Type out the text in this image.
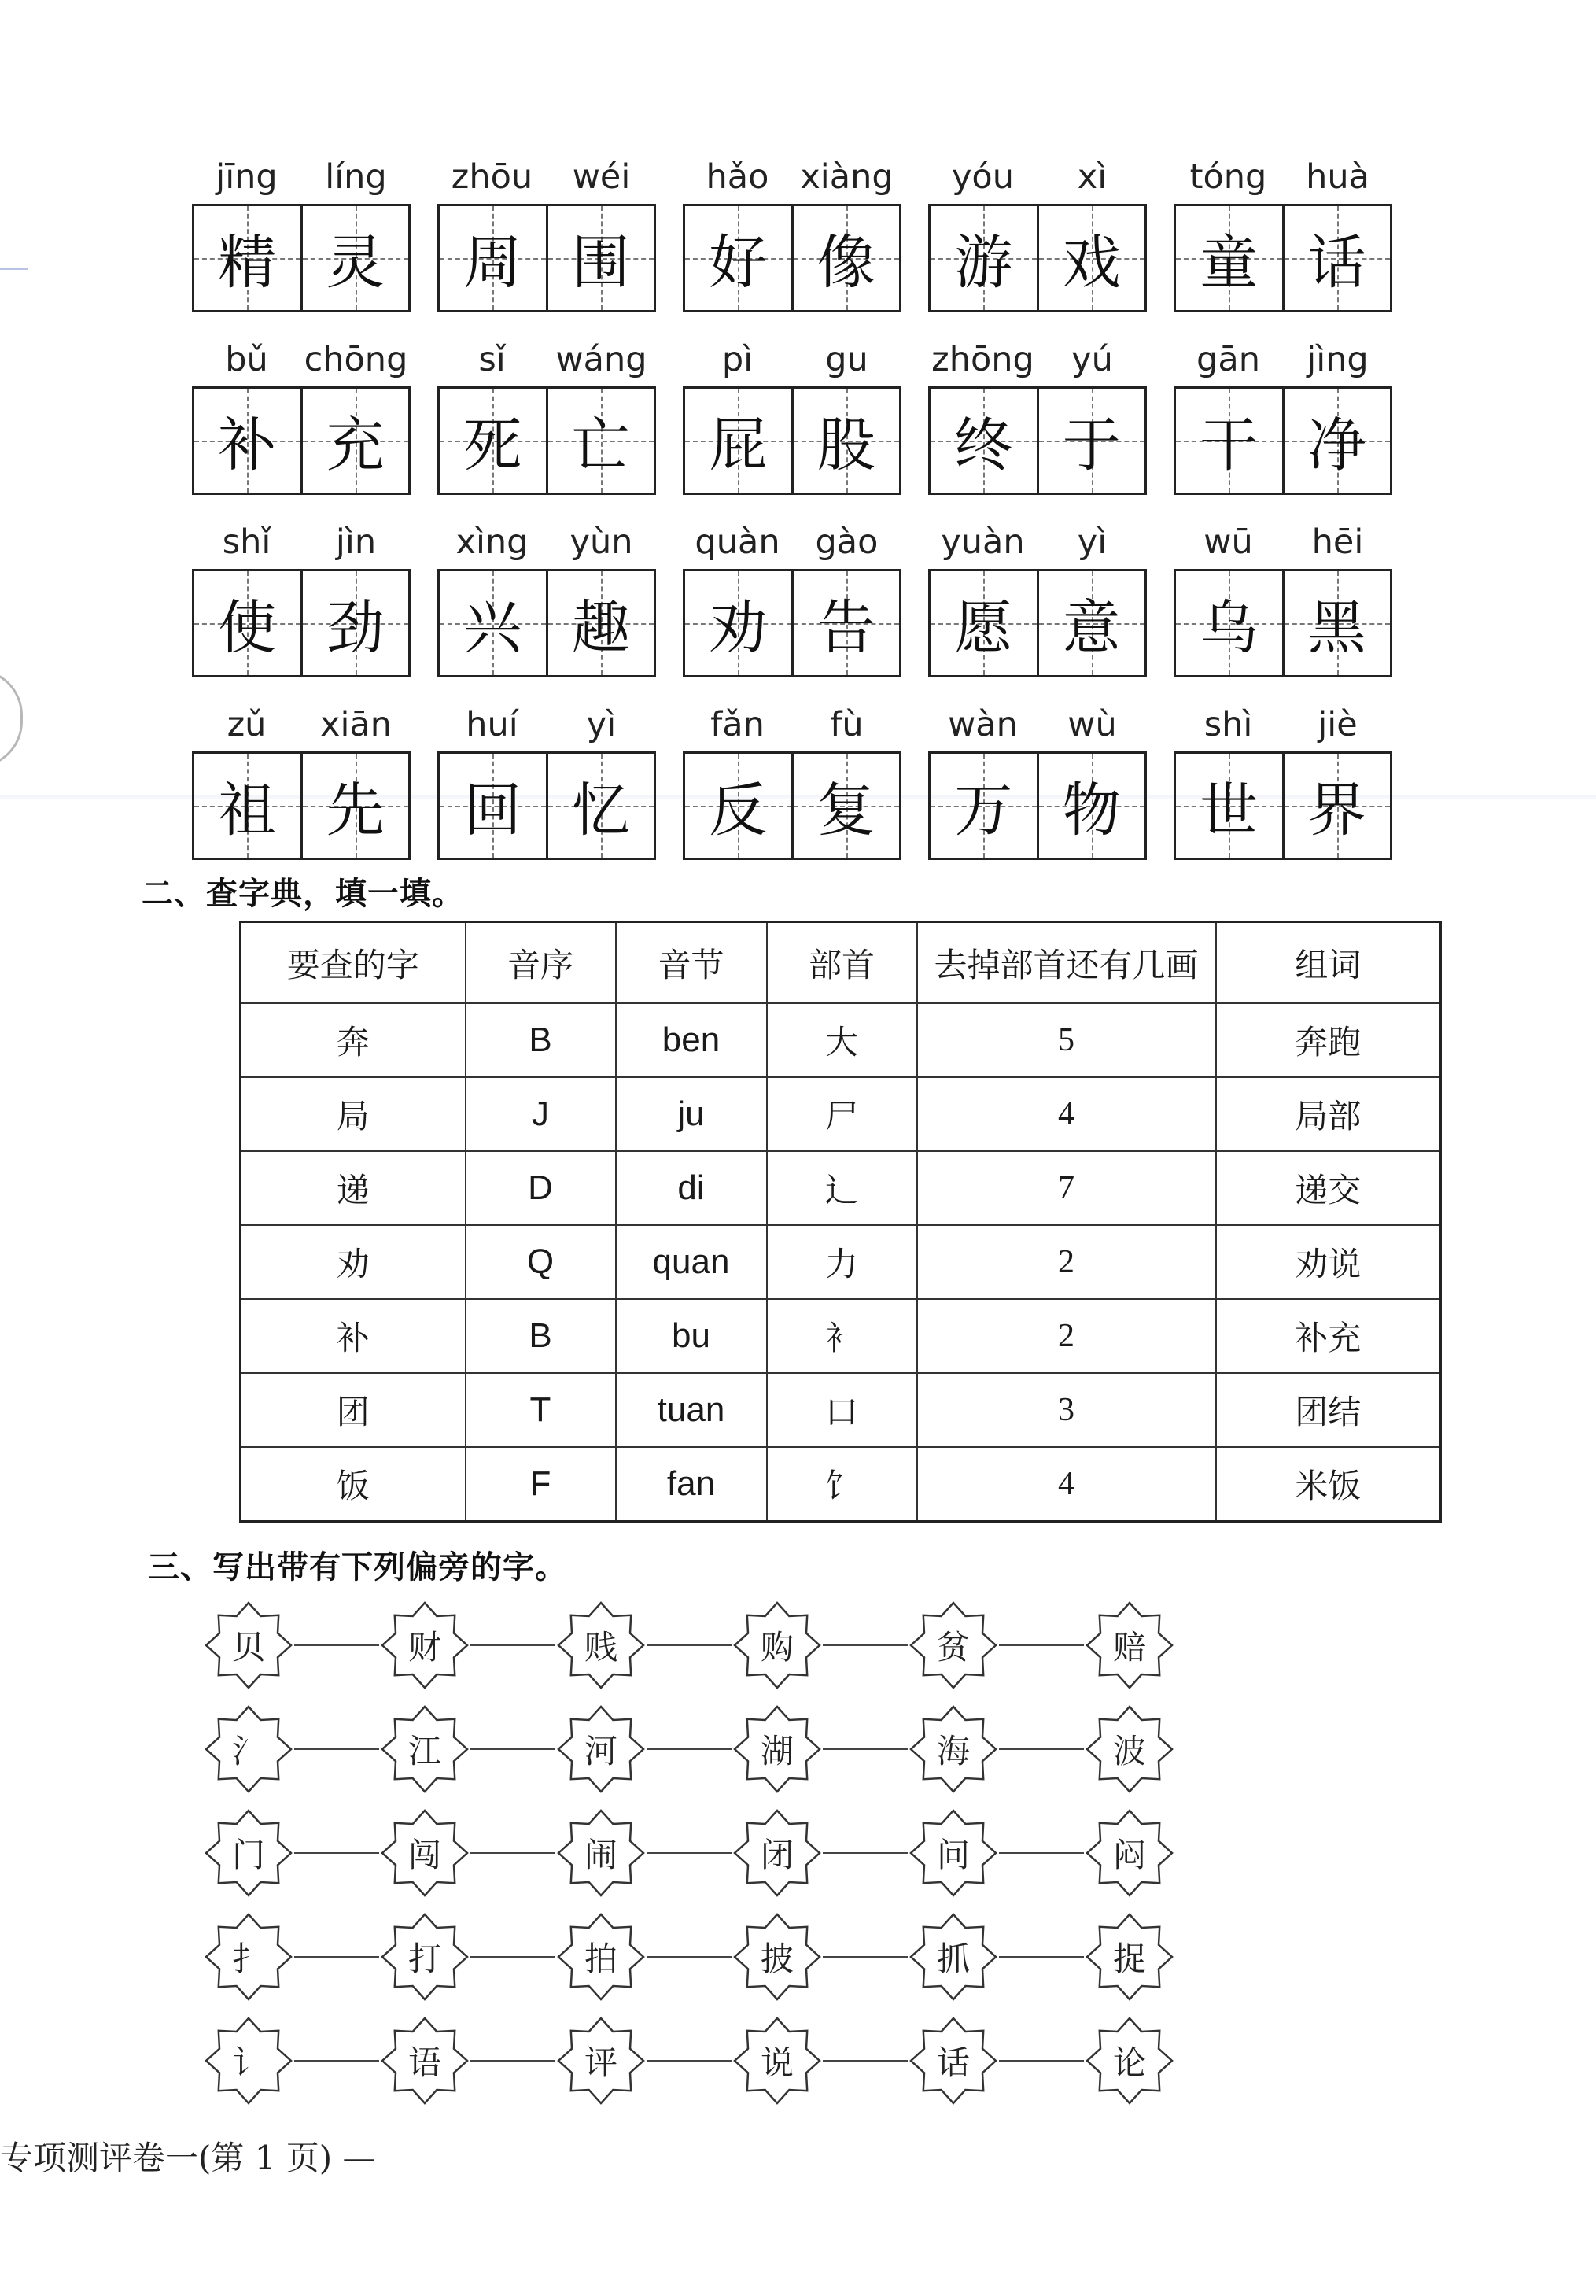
jīng	líng
精 灵
zhōu	wéi
周 围
hǎo xiàng
好 像
yóu	xì
游 戏
tóng	huà
童 话
bǔ	chōng
补 充
sǐ	wáng
死 亡
pì	gu
屁 股
zhōng	yú
终 于
gān	jìng
干 净
shǐ	jìn
使 劲
xìng	yùn
兴 趣
quàn	gào
劝 告
yuàn	yì
愿 意
wū	hēi
乌 黑
zǔ	xiān
祖 先
huí	yì
回 忆
fǎn	fù
反 复
wàn	wù
万 物
shì	jiè
世 界
二、查字典，填一填。
要查的字	音序	音节	部首	去掉部首还有几画	组词
奔	B	ben	大	5	奔跑
局	J	ju	尸	4	局部
递	D	di	辶	7	递交
劝	Q	quan	力	2	劝说
补	B	bu	衤	2	补充
团	T	tuan	口	3	团结
饭	F	fan	饣	4	米饭
三、写出带有下列偏旁的字。
贝	财	贱	购	贫	赔
氵	江	河	湖	海	波
门	闯	闹	闭	问	闷
扌	打	拍	披	抓	捉
讠	语	评	说	话	论
专项测评卷一(第 1 页) —
